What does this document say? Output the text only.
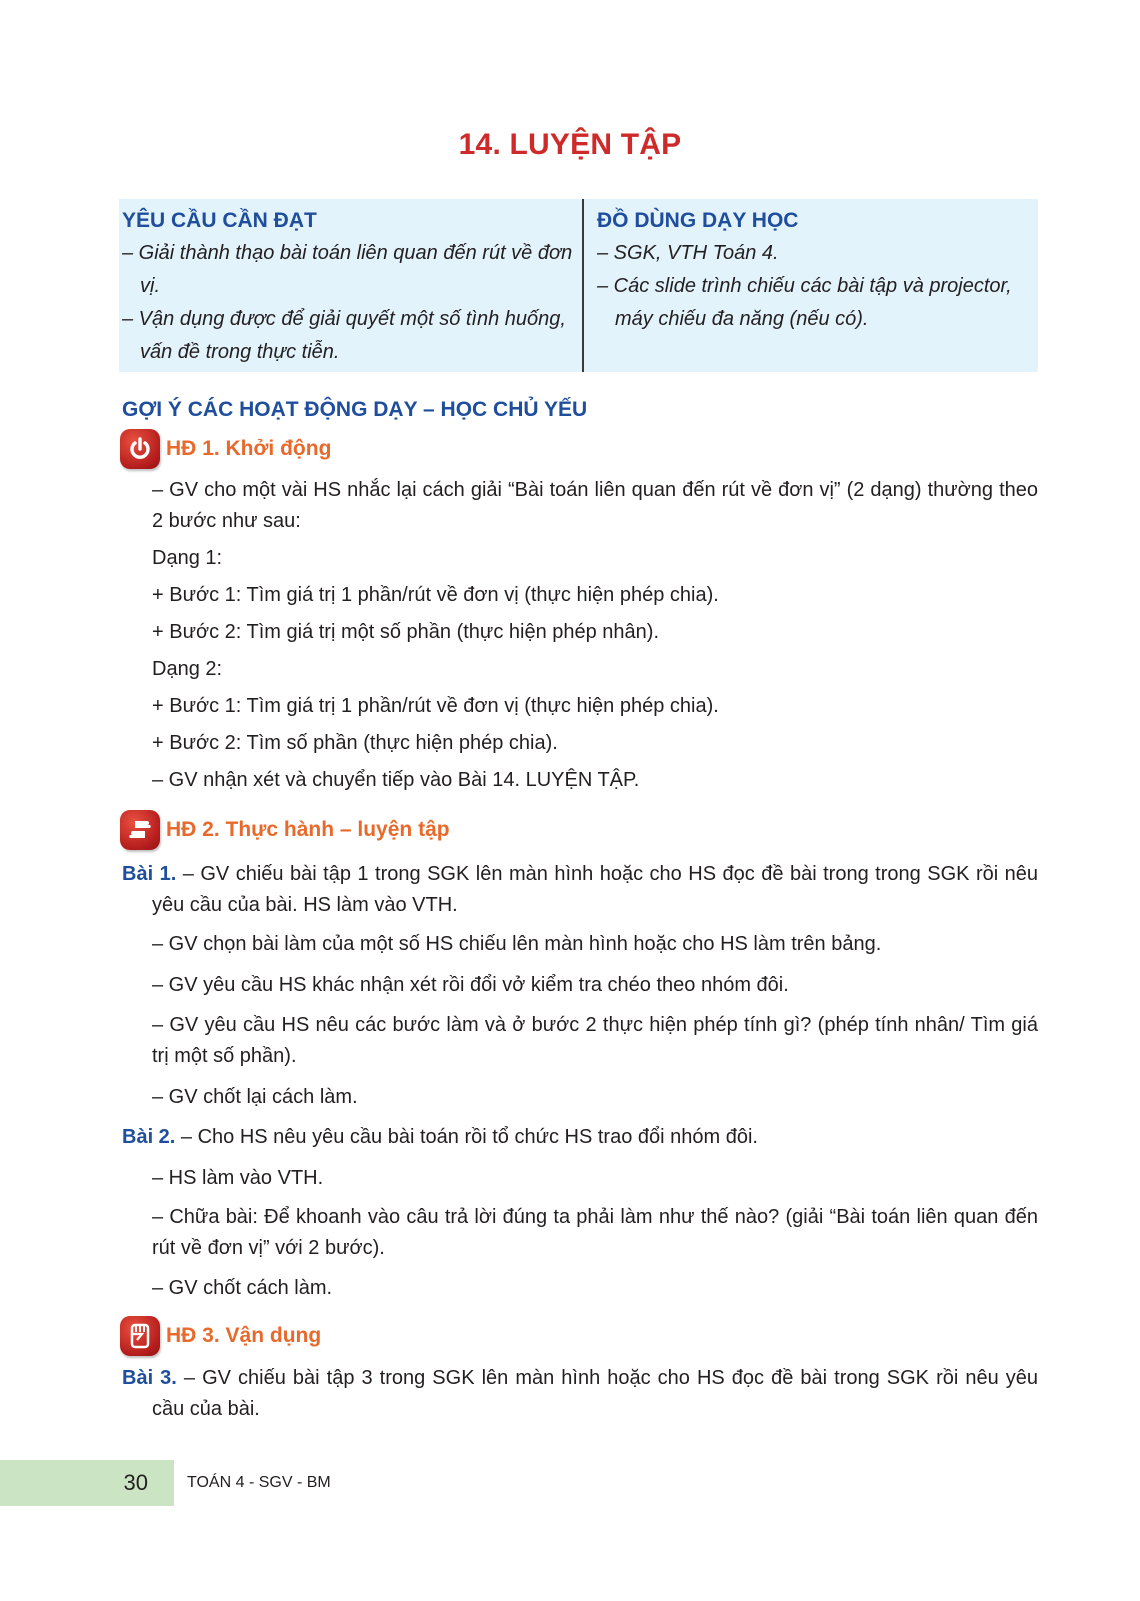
14. LUYỆN TẬP
YÊU CẦU CẦN ĐẠT
– Giải thành thạo bài toán liên quan đến rút về đơn vị.
– Vận dụng được để giải quyết một số tình huống, vấn đề trong thực tiễn.
ĐỒ DÙNG DẠY HỌC
– SGK, VTH Toán 4.
– Các slide trình chiếu các bài tập và projector, máy chiếu đa năng (nếu có).
GỢI Ý CÁC HOẠT ĐỘNG DẠY – HỌC CHỦ YẾU
HĐ 1. Khởi động
– GV cho một vài HS nhắc lại cách giải “Bài toán liên quan đến rút về đơn vị” (2 dạng) thường theo 2 bước như sau:
Dạng 1:
+ Bước 1: Tìm giá trị 1 phần/rút về đơn vị (thực hiện phép chia).
+ Bước 2: Tìm giá trị một số phần (thực hiện phép nhân).
Dạng 2:
+ Bước 1: Tìm giá trị 1 phần/rút về đơn vị (thực hiện phép chia).
+ Bước 2: Tìm số phần (thực hiện phép chia).
– GV nhận xét và chuyển tiếp vào Bài 14. LUYỆN TẬP.
HĐ 2. Thực hành – luyện tập
Bài 1. – GV chiếu bài tập 1 trong SGK lên màn hình hoặc cho HS đọc đề bài trong trong SGK rồi nêu yêu cầu của bài. HS làm vào VTH.
– GV chọn bài làm của một số HS chiếu lên màn hình hoặc cho HS làm trên bảng.
– GV yêu cầu HS khác nhận xét rồi đổi vở kiểm tra chéo theo nhóm đôi.
– GV yêu cầu HS nêu các bước làm và ở bước 2 thực hiện phép tính gì? (phép tính nhân/ Tìm giá trị một số phần).
– GV chốt lại cách làm.
Bài 2. – Cho HS nêu yêu cầu bài toán rồi tổ chức HS trao đổi nhóm đôi.
– HS làm vào VTH.
– Chữa bài: Để khoanh vào câu trả lời đúng ta phải làm như thế nào? (giải “Bài toán liên quan đến rút về đơn vị” với 2 bước).
– GV chốt cách làm.
HĐ 3. Vận dụng
Bài 3. – GV chiếu bài tập 3 trong SGK lên màn hình hoặc cho HS đọc đề bài trong SGK rồi nêu yêu cầu của bài.
30 TOÁN 4 - SGV - BM
